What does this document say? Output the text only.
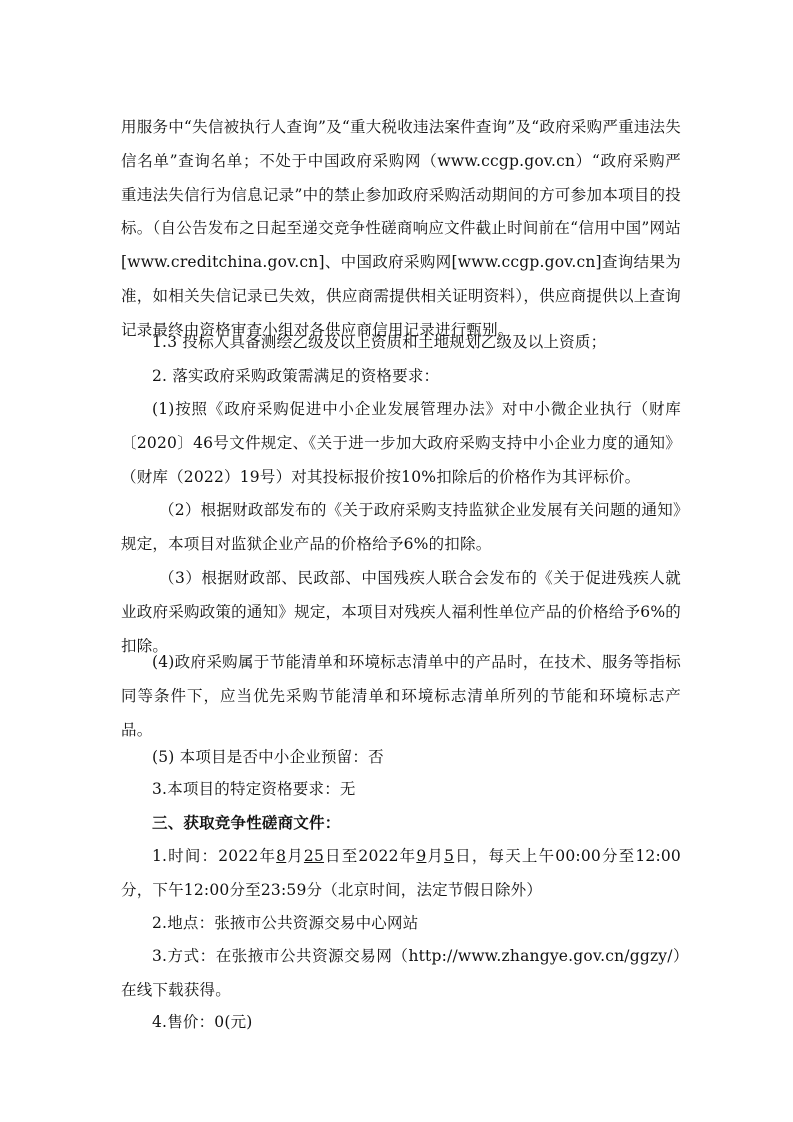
用服务中“失信被执行人查询”及“重大税收违法案件查询”及“政府采购严重违法失信名单”查询名单；不处于中国政府采购网（www.ccgp.gov.cn）“政府采购严重违法失信行为信息记录”中的禁止参加政府采购活动期间的方可参加本项目的投标。（自公告发布之日起至递交竞争性磋商响应文件截止时间前在“信用中国”网站[www.creditchina.gov.cn]、中国政府采购网[www.ccgp.gov.cn]查询结果为准，如相关失信记录已失效，供应商需提供相关证明资料），供应商提供以上查询记录最终由资格审查小组对各供应商信用记录进行甄别。

1.3 投标人具备测绘乙级及以上资质和土地规划乙级及以上资质；

2. 落实政府采购政策需满足的资格要求：

(1)按照《政府采购促进中小企业发展管理办法》对中小微企业执行（财库〔2020〕46号文件规定、《关于进一步加大政府采购支持中小企业力度的通知》（财库（2022）19号）对其投标报价按10%扣除后的价格作为其评标价。

（2）根据财政部发布的《关于政府采购支持监狱企业发展有关问题的通知》规定，本项目对监狱企业产品的价格给予6%的扣除。

（3）根据财政部、民政部、中国残疾人联合会发布的《关于促进残疾人就业政府采购政策的通知》规定，本项目对残疾人福利性单位产品的价格给予6%的扣除。

(4)政府采购属于节能清单和环境标志清单中的产品时，在技术、服务等指标同等条件下，应当优先采购节能清单和环境标志清单所列的节能和环境标志产品。

(5) 本项目是否中小企业预留：否

3.本项目的特定资格要求：无

三、获取竞争性磋商文件：

1.时间：2022年8月25日至2022年9月5日，每天上午00:00分至12:00分，下午12:00分至23:59分（北京时间，法定节假日除外）

2.地点：张掖市公共资源交易中心网站

3.方式：在张掖市公共资源交易网（http://www.zhangye.gov.cn/ggzy/）在线下载获得。

4.售价：0(元)
